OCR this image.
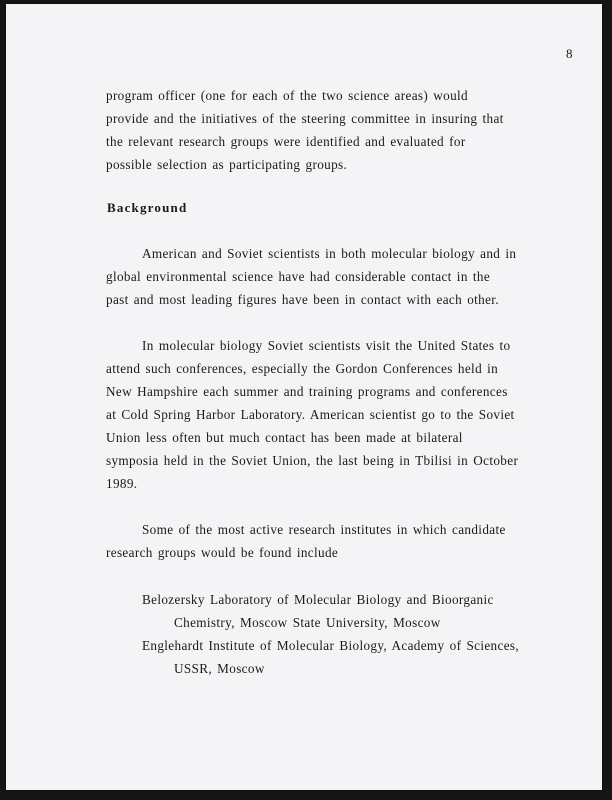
8
program officer (one for each of the two science areas) would
provide and the initiatives of the steering committee in insuring that
the relevant research groups were identified and evaluated for
possible selection as participating groups.
Background
American and Soviet scientists in both molecular biology and in
global environmental science have had considerable contact in the
past and most leading figures have been in contact with each other.
In molecular biology Soviet scientists visit the United States to
attend such conferences, especially the Gordon Conferences held in
New Hampshire each summer and training programs and conferences
at Cold Spring Harbor Laboratory. American scientist go to the Soviet
Union less often but much contact has been made at bilateral
symposia held in the Soviet Union, the last being in Tbilisi in October
1989.
Some of the most active research institutes in which candidate
research groups would be found include
Belozersky Laboratory of Molecular Biology and Bioorganic
Chemistry, Moscow State University, Moscow
Englehardt Institute of Molecular Biology, Academy of Sciences,
USSR, Moscow
